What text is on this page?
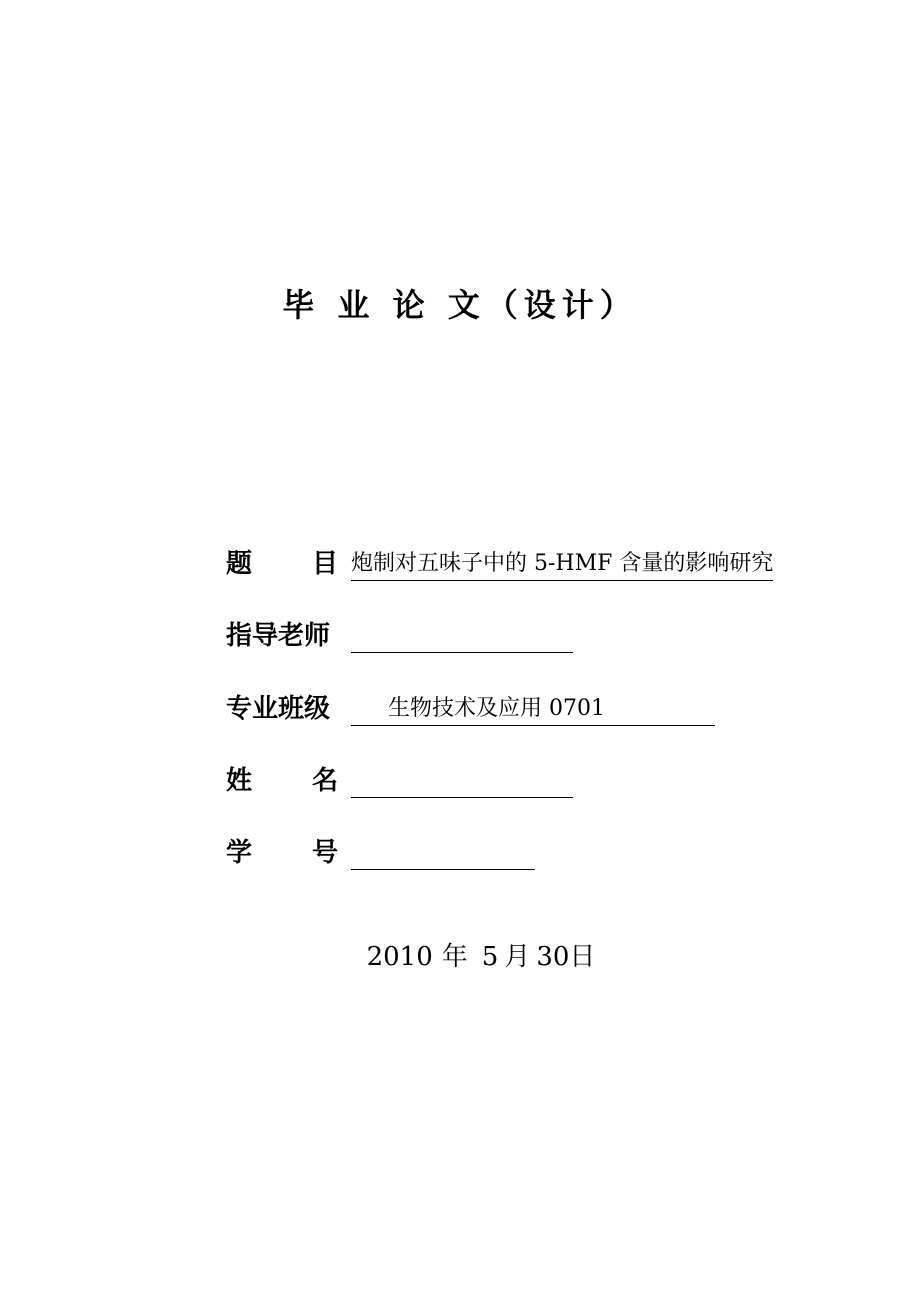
毕 业 论 文（设计）
题 目 炮制对五味子中的 5-HMF 含量的影响研究
指导老师
专业班级	生物技术及应用 0701
姓 名
学 号
2010 年 5 月 30日
